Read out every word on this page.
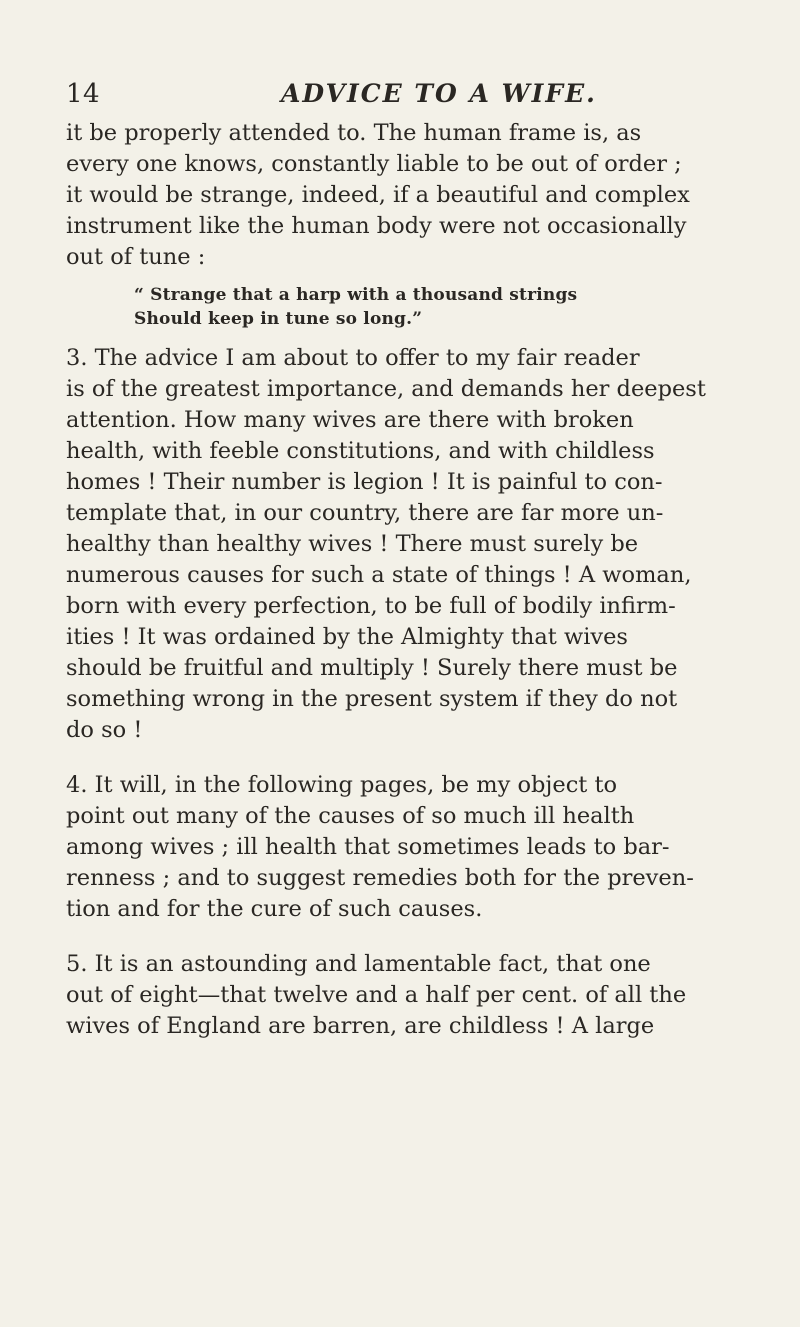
14	ADVICE TO A WIFE.

it be properly attended to. The human frame is, as
every one knows, constantly liable to be out of order ;
it would be strange, indeed, if a beautiful and complex
instrument like the human body were not occasionally
out of tune :

“ Strange that a harp with a thousand strings
Should keep in tune so long.”

3. The advice I am about to offer to my fair reader
is of the greatest importance, and demands her deepest
attention. How many wives are there with broken
health, with feeble constitutions, and with childless
homes ! Their number is legion ! It is painful to con-
template that, in our country, there are far more un-
healthy than healthy wives ! There must surely be
numerous causes for such a state of things ! A woman,
born with every perfection, to be full of bodily infirm-
ities ! It was ordained by the Almighty that wives
should be fruitful and multiply ! Surely there must be
something wrong in the present system if they do not
do so !

4. It will, in the following pages, be my object to
point out many of the causes of so much ill health
among wives ; ill health that sometimes leads to bar-
renness ; and to suggest remedies both for the preven-
tion and for the cure of such causes.

5. It is an astounding and lamentable fact, that one
out of eight—that twelve and a half per cent. of all the
wives of England are barren, are childless ! A large
